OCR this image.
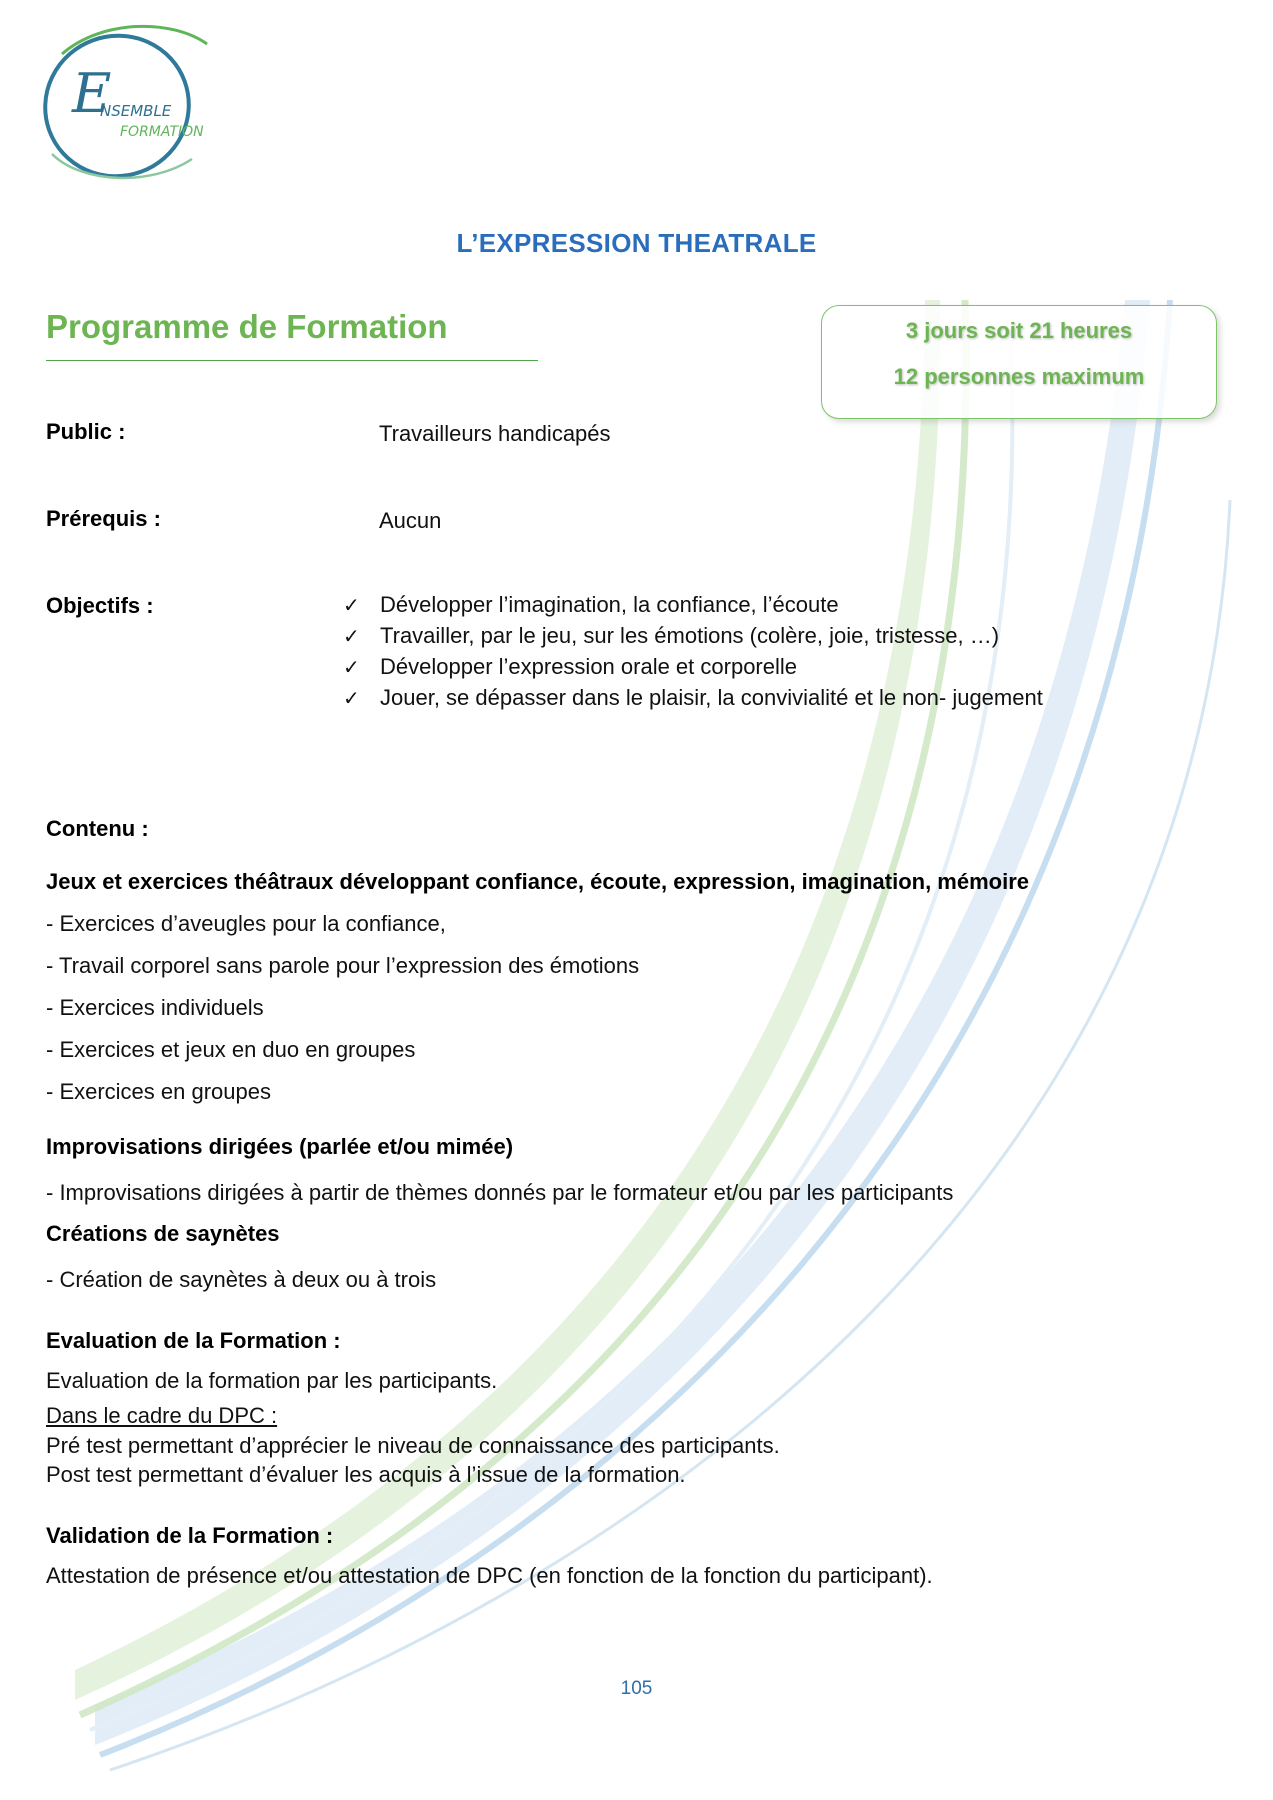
E
NSEMBLE
FORMATION
L’EXPRESSION THEATRALE
Programme de Formation	3 jours soit 21 heures
12 personnes maximum
Public :	Travailleurs handicapés
Prérequis :	Aucun
Objectifs :	✓ Développer l’imagination, la confiance, l’écoute
✓ Travailler, par le jeu, sur les émotions (colère, joie, tristesse, …)
✓ Développer l’expression orale et corporelle
✓ Jouer, se dépasser dans le plaisir, la convivialité et le non- jugement
Contenu :
Jeux et exercices théâtraux développant confiance, écoute, expression, imagination, mémoire
- Exercices d’aveugles pour la confiance,
- Travail corporel sans parole pour l’expression des émotions
- Exercices individuels
- Exercices et jeux en duo en groupes
- Exercices en groupes
Improvisations dirigées (parlée et/ou mimée)
- Improvisations dirigées à partir de thèmes donnés par le formateur et/ou par les participants
Créations de saynètes
- Création de saynètes à deux ou à trois
Evaluation de la Formation :
Evaluation de la formation par les participants.
Dans le cadre du DPC :
Pré test permettant d’apprécier le niveau de connaissance des participants.
Post test permettant d’évaluer les acquis à l’issue de la formation.
Validation de la Formation :
Attestation de présence et/ou attestation de DPC (en fonction de la fonction du participant).
105
